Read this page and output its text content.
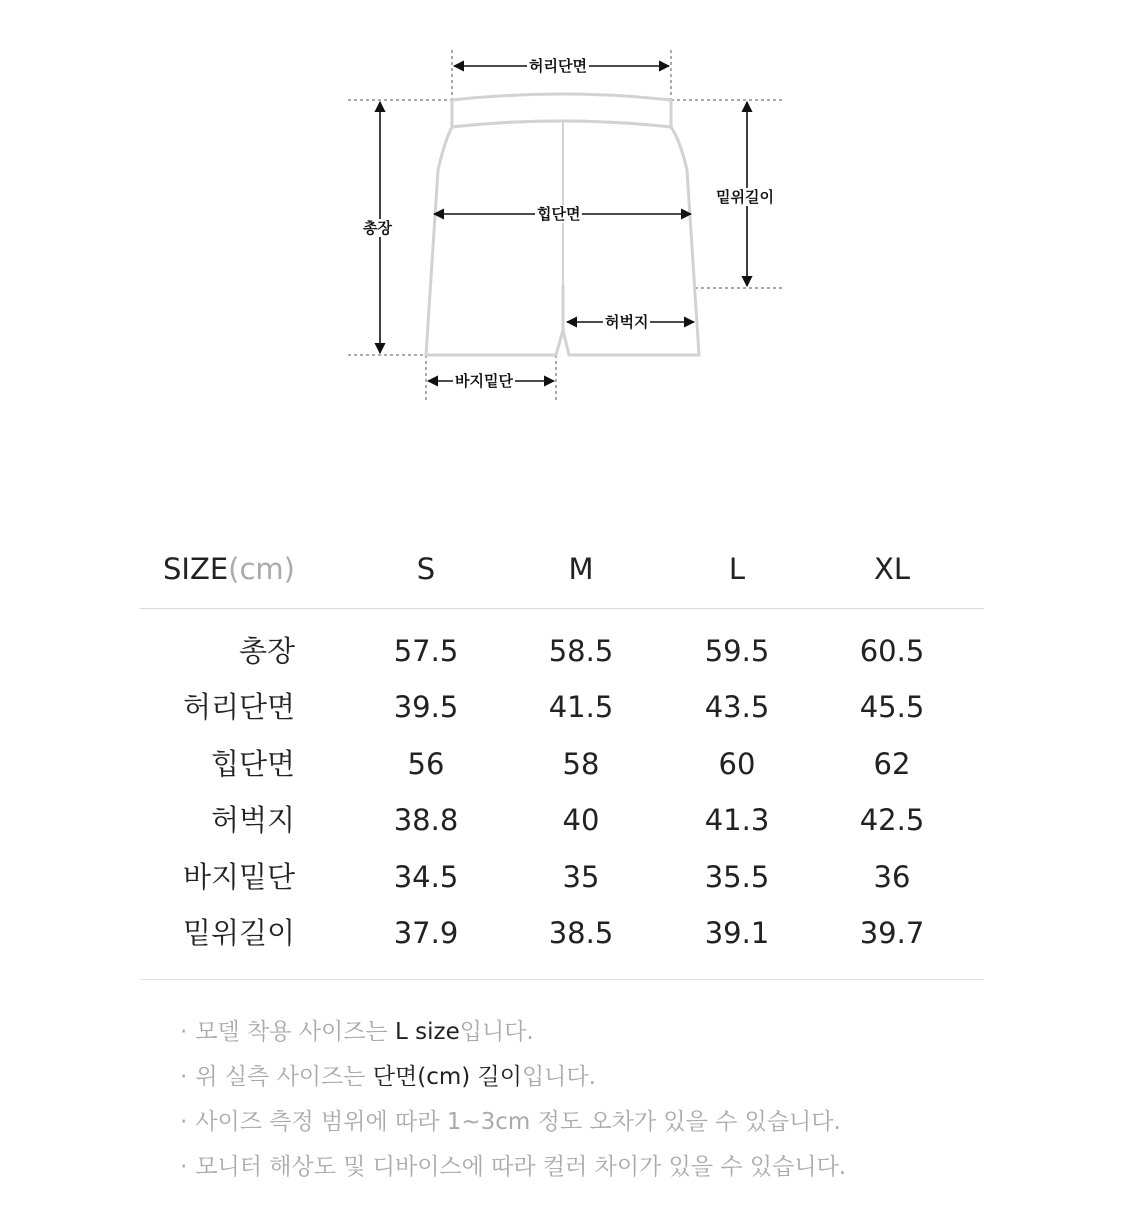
허리단면
총장
힙단면
밑위길이
허벅지
바지밑단
SIZE(cm)	S	M	L	XL
총장	57.5	58.5	59.5	60.5
허리단면	39.5	41.5	43.5	45.5
힙단면	56	58	60	62
허벅지	38.8	40	41.3	42.5
바지밑단	34.5	35	35.5	36
밑위길이	37.9	38.5	39.1	39.7
· 모델 착용 사이즈는 L size입니다.
· 위 실측 사이즈는 단면(cm) 길이입니다.
· 사이즈 측정 범위에 따라 1~3cm 정도 오차가 있을 수 있습니다.
· 모니터 해상도 및 디바이스에 따라 컬러 차이가 있을 수 있습니다.
